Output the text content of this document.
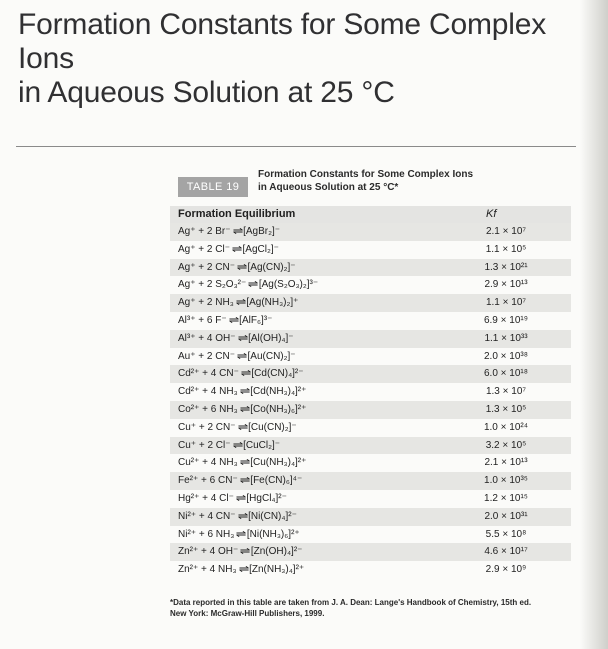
Formation Constants for Some Complex Ions
in Aqueous Solution at 25 °C
TABLE 19
Formation Constants for Some Complex Ions
in Aqueous Solution at 25 °C*
Formation Equilibrium	Kf
Ag⁺ + 2 Br⁻ ⇌ [AgBr₂]⁻	2.1 × 10⁷
Ag⁺ + 2 Cl⁻ ⇌ [AgCl₂]⁻	1.1 × 10⁵
Ag⁺ + 2 CN⁻ ⇌ [Ag(CN)₂]⁻	1.3 × 10²¹
Ag⁺ + 2 S₂O₃²⁻ ⇌ [Ag(S₂O₃)₂]³⁻	2.9 × 10¹³
Ag⁺ + 2 NH₃ ⇌ [Ag(NH₃)₂]⁺	1.1 × 10⁷
Al³⁺ + 6 F⁻ ⇌ [AlF₆]³⁻	6.9 × 10¹⁹
Al³⁺ + 4 OH⁻ ⇌ [Al(OH)₄]⁻	1.1 × 10³³
Au⁺ + 2 CN⁻ ⇌ [Au(CN)₂]⁻	2.0 × 10³⁸
Cd²⁺ + 4 CN⁻ ⇌ [Cd(CN)₄]²⁻	6.0 × 10¹⁸
Cd²⁺ + 4 NH₃ ⇌ [Cd(NH₃)₄]²⁺	1.3 × 10⁷
Co²⁺ + 6 NH₃ ⇌ [Co(NH₃)₆]²⁺	1.3 × 10⁵
Cu⁺ + 2 CN⁻ ⇌ [Cu(CN)₂]⁻	1.0 × 10²⁴
Cu⁺ + 2 Cl⁻ ⇌ [CuCl₂]⁻	3.2 × 10⁵
Cu²⁺ + 4 NH₃ ⇌ [Cu(NH₃)₄]²⁺	2.1 × 10¹³
Fe²⁺ + 6 CN⁻ ⇌ [Fe(CN)₆]⁴⁻	1.0 × 10³⁵
Hg²⁺ + 4 Cl⁻ ⇌ [HgCl₄]²⁻	1.2 × 10¹⁵
Ni²⁺ + 4 CN⁻ ⇌ [Ni(CN)₄]²⁻	2.0 × 10³¹
Ni²⁺ + 6 NH₃ ⇌ [Ni(NH₃)₆]²⁺	5.5 × 10⁸
Zn²⁺ + 4 OH⁻ ⇌ [Zn(OH)₄]²⁻	4.6 × 10¹⁷
Zn²⁺ + 4 NH₃ ⇌ [Zn(NH₃)₄]²⁺	2.9 × 10⁹
*Data reported in this table are taken from J. A. Dean: Lange's Handbook of Chemistry, 15th ed.
New York: McGraw-Hill Publishers, 1999.
